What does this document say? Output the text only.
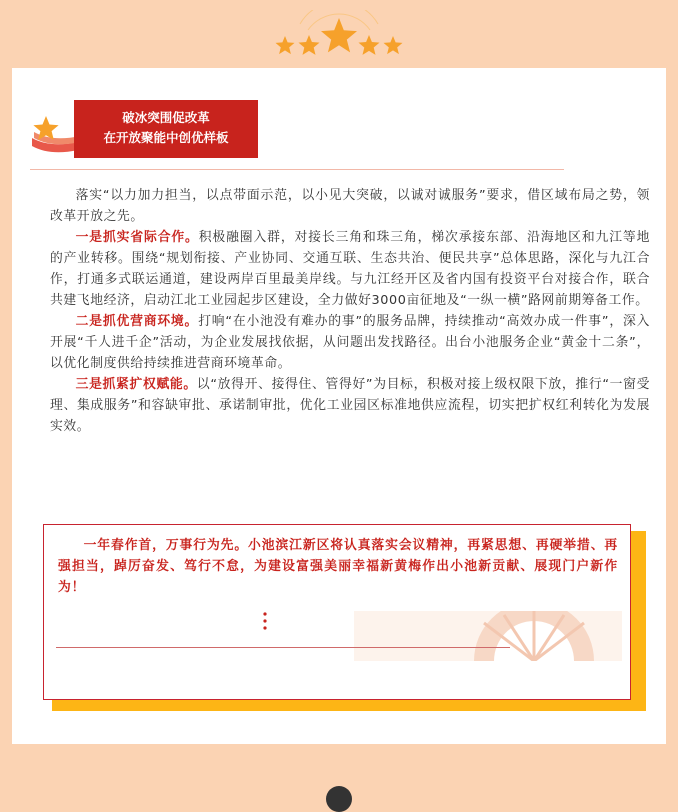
破冰突围促改革
在开放聚能中创优样板

落实“以力加力担当，以点带面示范，以小见大突破，以诚对诚服务”要求，借区域布局之势，领改革开放之先。

一是抓实省际合作。积极融圈入群，对接长三角和珠三角，梯次承接东部、沿海地区和九江等地的产业转移。围绕“规划衔接、产业协同、交通互联、生态共治、便民共享”总体思路，深化与九江合作，打通多式联运通道，建设两岸百里最美岸线。与九江经开区及省内国有投资平台对接合作，联合共建飞地经济，启动江北工业园起步区建设，全力做好3000亩征地及“一纵一横”路网前期筹备工作。

二是抓优营商环境。打响“在小池没有难办的事”的服务品牌，持续推动“高效办成一件事”，深入开展“千人进千企”活动，为企业发展找依据，从问题出发找路径。出台小池服务企业“黄金十二条”，以优化制度供给持续推进营商环境革命。

三是抓紧扩权赋能。以“放得开、接得住、管得好”为目标，积极对接上级权限下放，推行“一窗受理、集成服务”和容缺审批、承诺制审批，优化工业园区标准地供应流程，切实把扩权红利转化为发展实效。

一年春作首，万事行为先。小池滨江新区将认真落实会议精神，再紧思想、再硬举措、再强担当，踔厉奋发、笃行不怠，为建设富强美丽幸福新黄梅作出小池新贡献、展现门户新作为！
